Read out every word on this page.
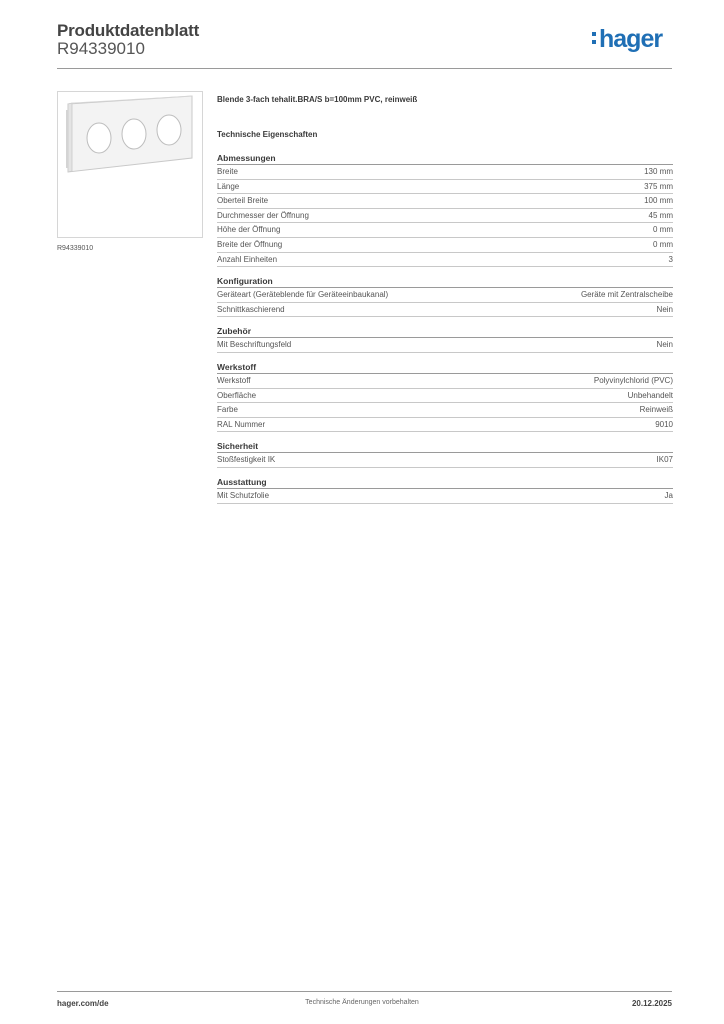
Produktdatenblatt
R94339010	hager
R94339010
Blende 3-fach tehalit.BRA/S b=100mm PVC, reinweiß
Technische Eigenschaften
Abmessungen
Breite	130 mm
Länge	375 mm
Oberteil Breite	100 mm
Durchmesser der Öffnung	45 mm
Höhe der Öffnung	0 mm
Breite der Öffnung	0 mm
Anzahl Einheiten	3
Konfiguration
Geräteart (Geräteblende für Geräteeinbaukanal)	Geräte mit Zentralscheibe
Schnittkaschierend	Nein
Zubehör
Mit Beschriftungsfeld	Nein
Werkstoff
Werkstoff	Polyvinylchlorid (PVC)
Oberfläche	Unbehandelt
Farbe	Reinweiß
RAL Nummer	9010
Sicherheit
Stoßfestigkeit IK	IK07
Ausstattung
Mit Schutzfolie	Ja
hager.com/de	Technische Änderungen vorbehalten	20.12.2025
